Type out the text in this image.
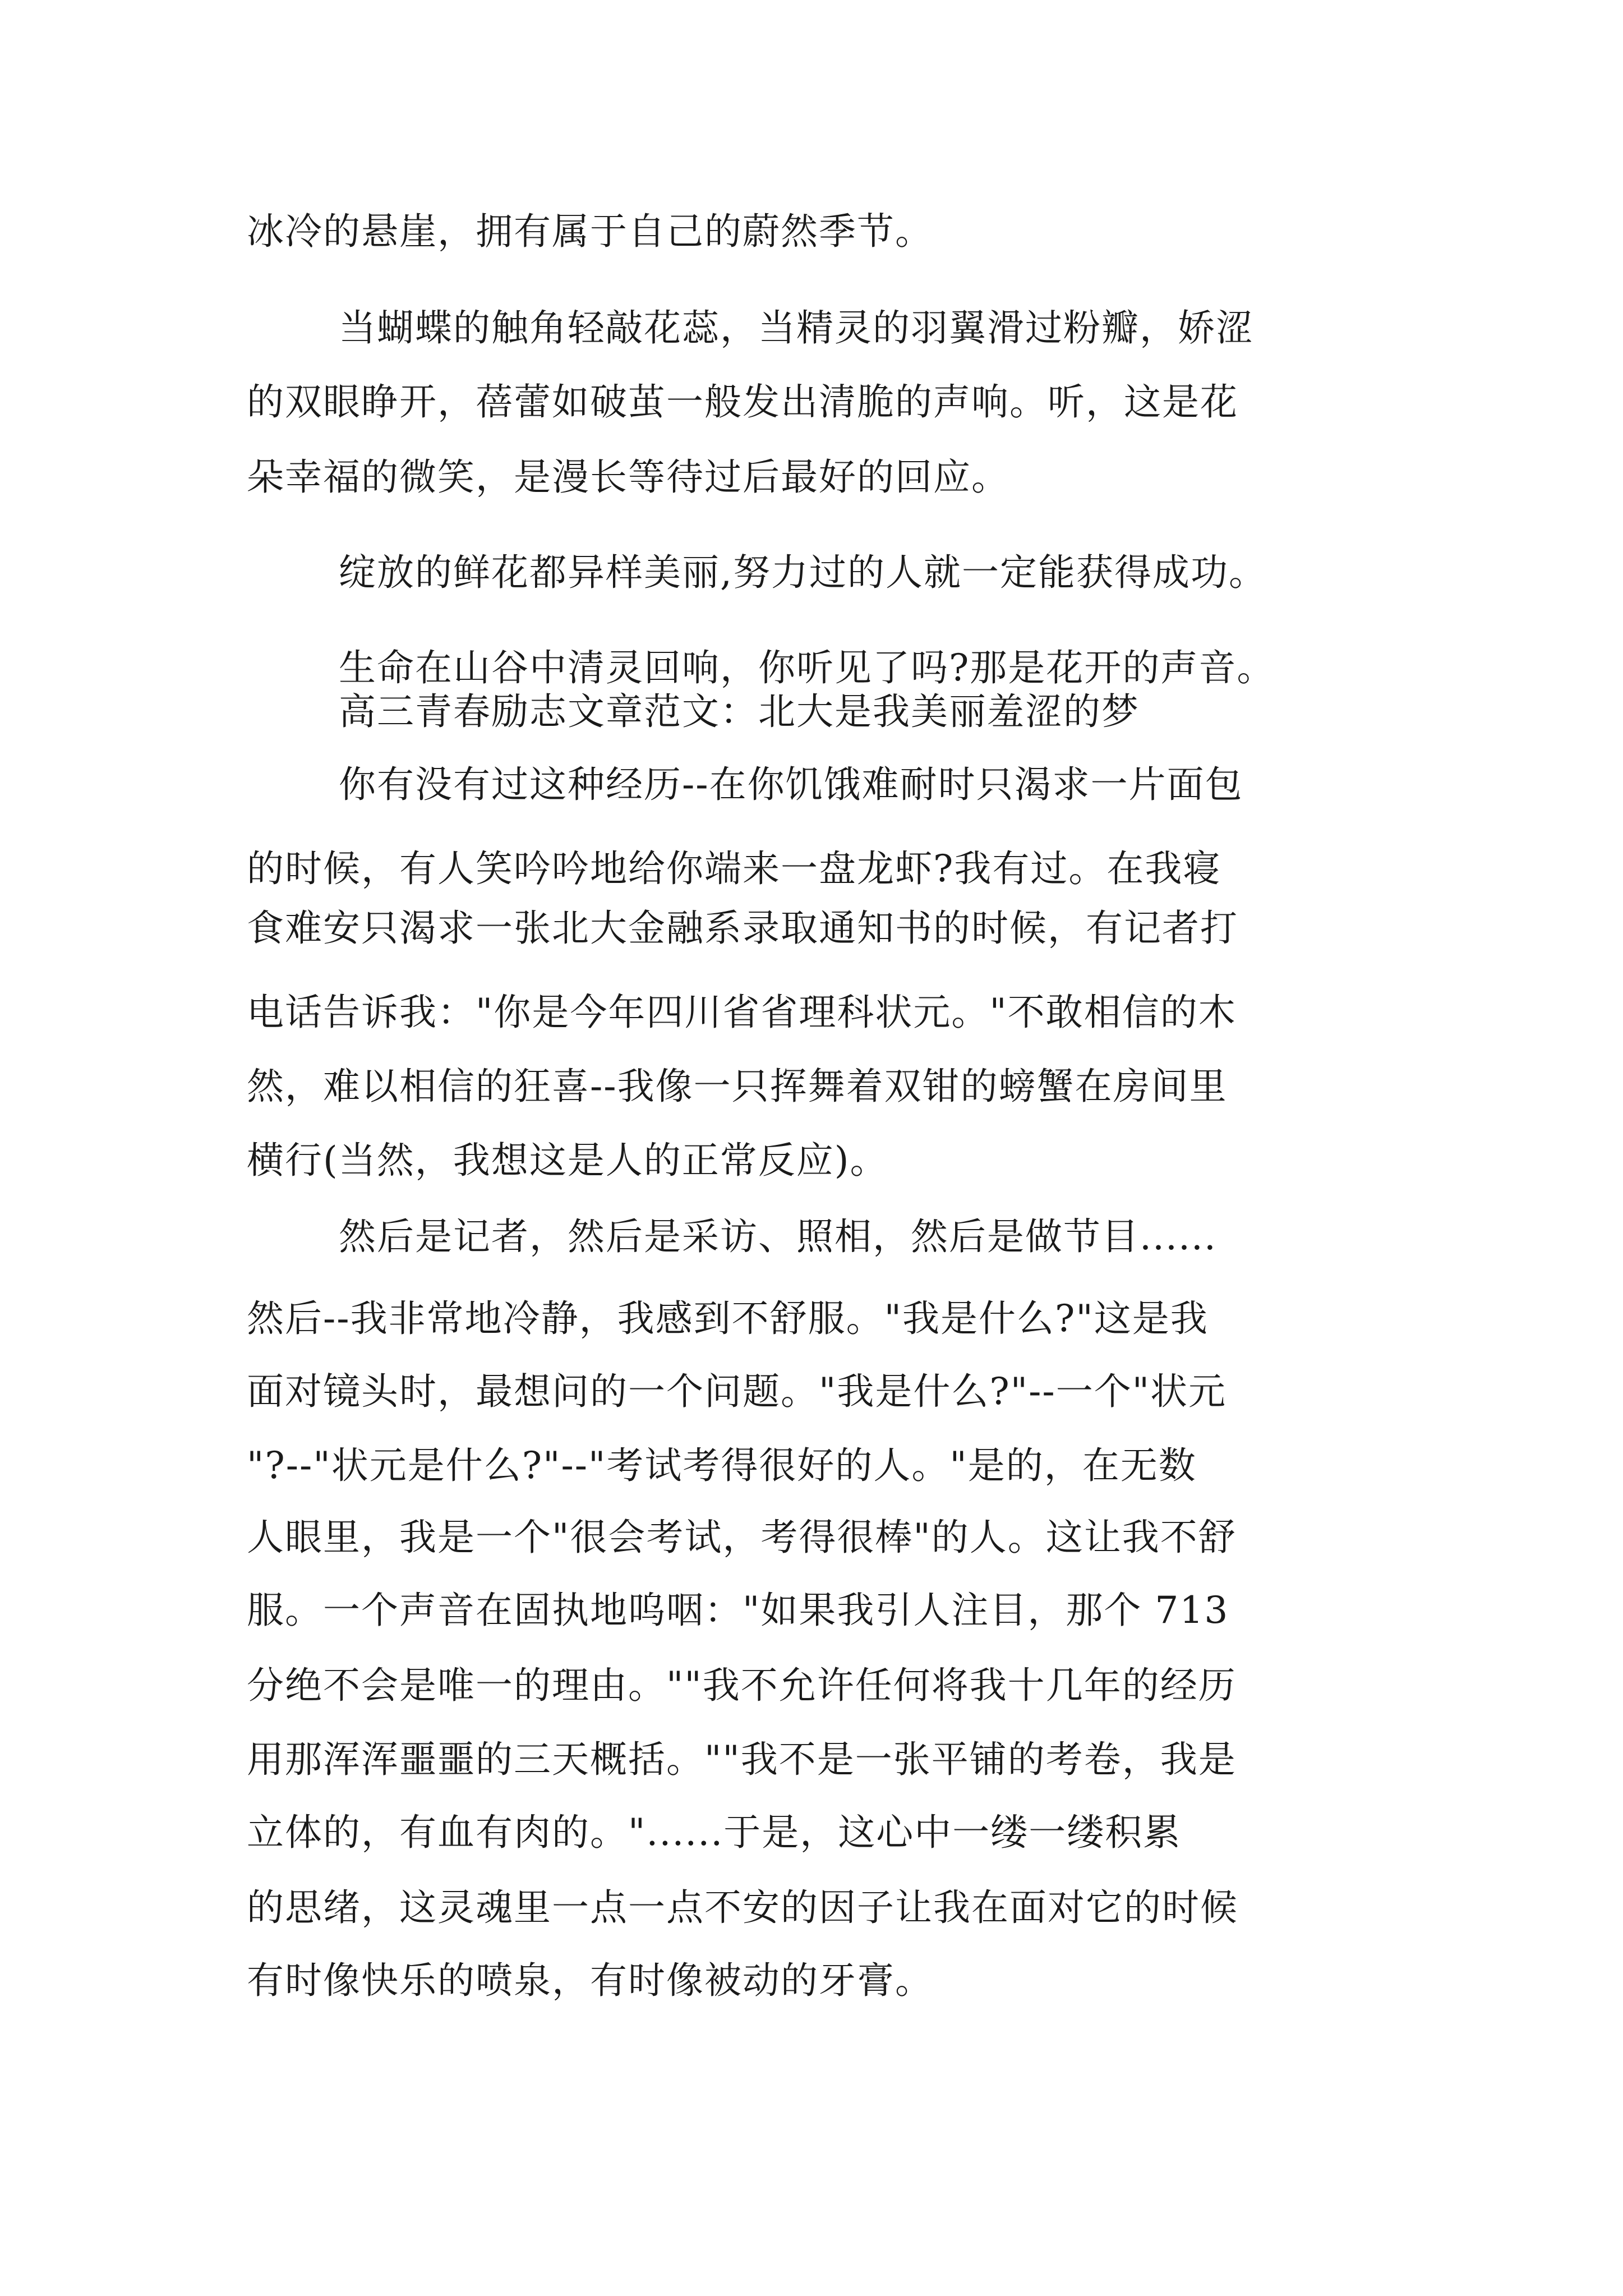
冰冷的悬崖，拥有属于自己的蔚然季节。
当蝴蝶的触角轻敲花蕊，当精灵的羽翼滑过粉瓣，娇涩
的双眼睁开，蓓蕾如破茧一般发出清脆的声响。听，这是花
朵幸福的微笑，是漫长等待过后最好的回应。
绽放的鲜花都异样美丽,努力过的人就一定能获得成功。
生命在山谷中清灵回响，你听见了吗?那是花开的声音。
高三青春励志文章范文：北大是我美丽羞涩的梦
你有没有过这种经历--在你饥饿难耐时只渴求一片面包
的时候，有人笑吟吟地给你端来一盘龙虾?我有过。在我寝
食难安只渴求一张北大金融系录取通知书的时候，有记者打
电话告诉我："你是今年四川省省理科状元。"不敢相信的木
然，难以相信的狂喜--我像一只挥舞着双钳的螃蟹在房间里
横行(当然，我想这是人的正常反应)。
然后是记者，然后是采访、照相，然后是做节目......
然后--我非常地冷静，我感到不舒服。"我是什么?"这是我
面对镜头时，最想问的一个问题。"我是什么?"--一个"状元
"?--"状元是什么?"--"考试考得很好的人。"是的，在无数
人眼里，我是一个"很会考试，考得很棒"的人。这让我不舒
服。一个声音在固执地呜咽："如果我引人注目，那个 713
分绝不会是唯一的理由。""我不允许任何将我十几年的经历
用那浑浑噩噩的三天概括。""我不是一张平铺的考卷，我是
立体的，有血有肉的。"......于是，这心中一缕一缕积累
的思绪，这灵魂里一点一点不安的因子让我在面对它的时候
有时像快乐的喷泉，有时像被动的牙膏。
